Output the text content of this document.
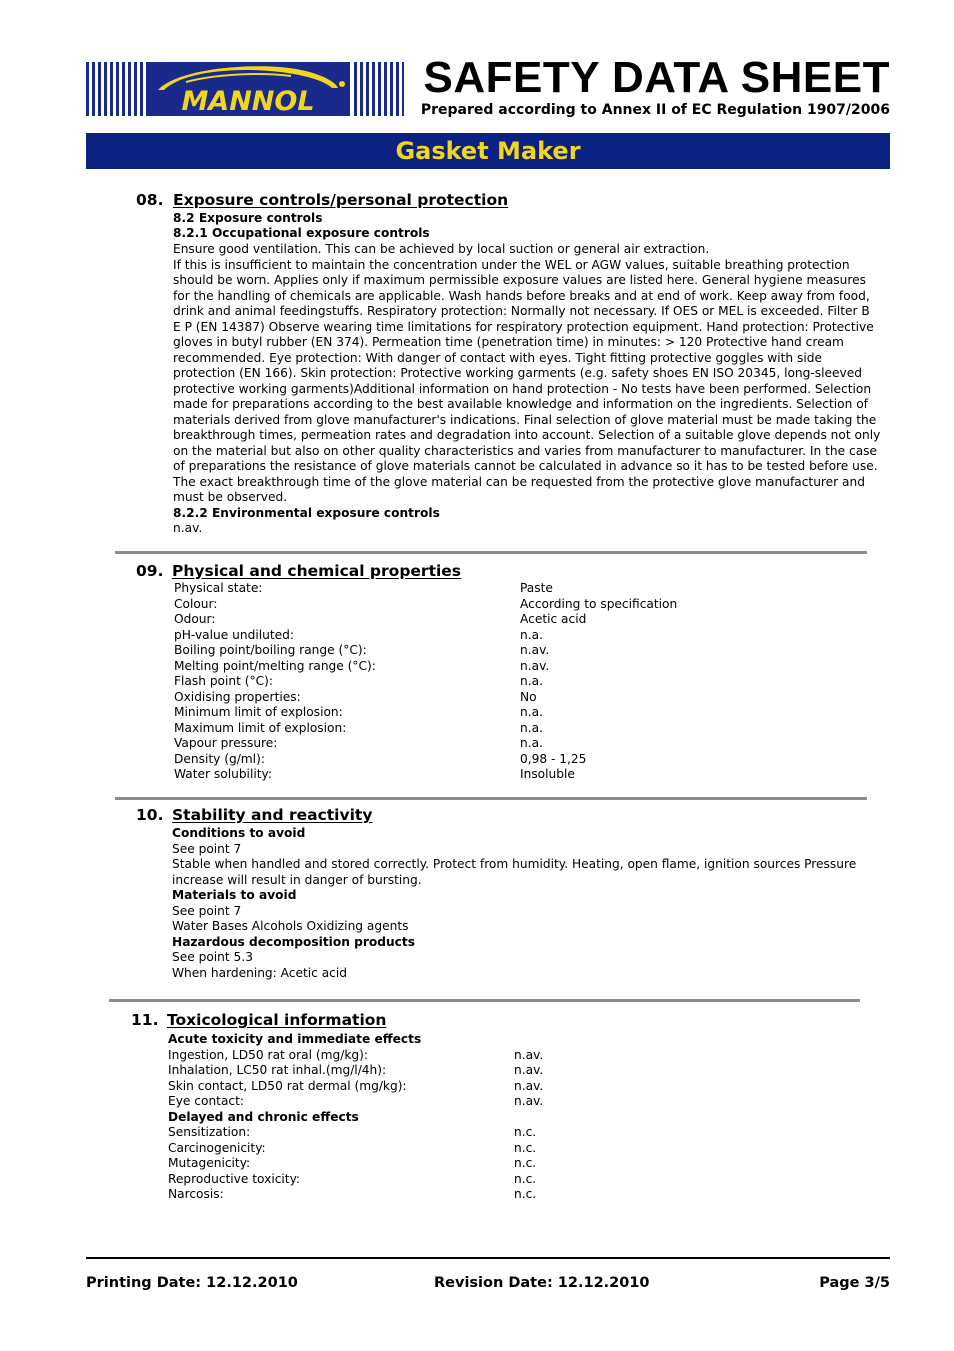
MANNOL SAFETY DATA SHEET
Prepared according to Annex II of EC Regulation 1907/2006
Gasket Maker
08. Exposure controls/personal protection
8.2 Exposure controls
8.2.1 Occupational exposure controls
Ensure good ventilation. This can be achieved by local suction or general air extraction.
If this is insufficient to maintain the concentration under the WEL or AGW values, suitable breathing protection
should be worn. Applies only if maximum permissible exposure values are listed here. General hygiene measures
for the handling of chemicals are applicable. Wash hands before breaks and at end of work. Keep away from food,
drink and animal feedingstuffs. Respiratory protection: Normally not necessary. If OES or MEL is exceeded. Filter B
E P (EN 14387) Observe wearing time limitations for respiratory protection equipment. Hand protection: Protective
gloves in butyl rubber (EN 374). Permeation time (penetration time) in minutes: > 120 Protective hand cream
recommended. Eye protection: With danger of contact with eyes. Tight fitting protective goggles with side
protection (EN 166). Skin protection: Protective working garments (e.g. safety shoes EN ISO 20345, long-sleeved
protective working garments)Additional information on hand protection - No tests have been performed. Selection
made for preparations according to the best available knowledge and information on the ingredients. Selection of
materials derived from glove manufacturer's indications. Final selection of glove material must be made taking the
breakthrough times, permeation rates and degradation into account. Selection of a suitable glove depends not only
on the material but also on other quality characteristics and varies from manufacturer to manufacturer. In the case
of preparations the resistance of glove materials cannot be calculated in advance so it has to be tested before use.
The exact breakthrough time of the glove material can be requested from the protective glove manufacturer and
must be observed.
8.2.2 Environmental exposure controls
n.av.
09. Physical and chemical properties
Physical state:	Paste
Colour:	According to specification
Odour:	Acetic acid
pH-value undiluted:	n.a.
Boiling point/boiling range (°C):	n.av.
Melting point/melting range (°C):	n.av.
Flash point (°C):	n.a.
Oxidising properties:	No
Minimum limit of explosion:	n.a.
Maximum limit of explosion:	n.a.
Vapour pressure:	n.a.
Density (g/ml):	0,98 - 1,25
Water solubility:	Insoluble
10. Stability and reactivity
Conditions to avoid
See point 7
Stable when handled and stored correctly. Protect from humidity. Heating, open flame, ignition sources Pressure
increase will result in danger of bursting.
Materials to avoid
See point 7
Water Bases Alcohols Oxidizing agents
Hazardous decomposition products
See point 5.3
When hardening: Acetic acid
11. Toxicological information
Acute toxicity and immediate effects
Ingestion, LD50 rat oral (mg/kg):	n.av.
Inhalation, LC50 rat inhal.(mg/l/4h):	n.av.
Skin contact, LD50 rat dermal (mg/kg):	n.av.
Eye contact:	n.av.
Delayed and chronic effects
Sensitization:	n.c.
Carcinogenicity:	n.c.
Mutagenicity:	n.c.
Reproductive toxicity:	n.c.
Narcosis:	n.c.
Printing Date: 12.12.2010	Revision Date: 12.12.2010	Page 3/5
